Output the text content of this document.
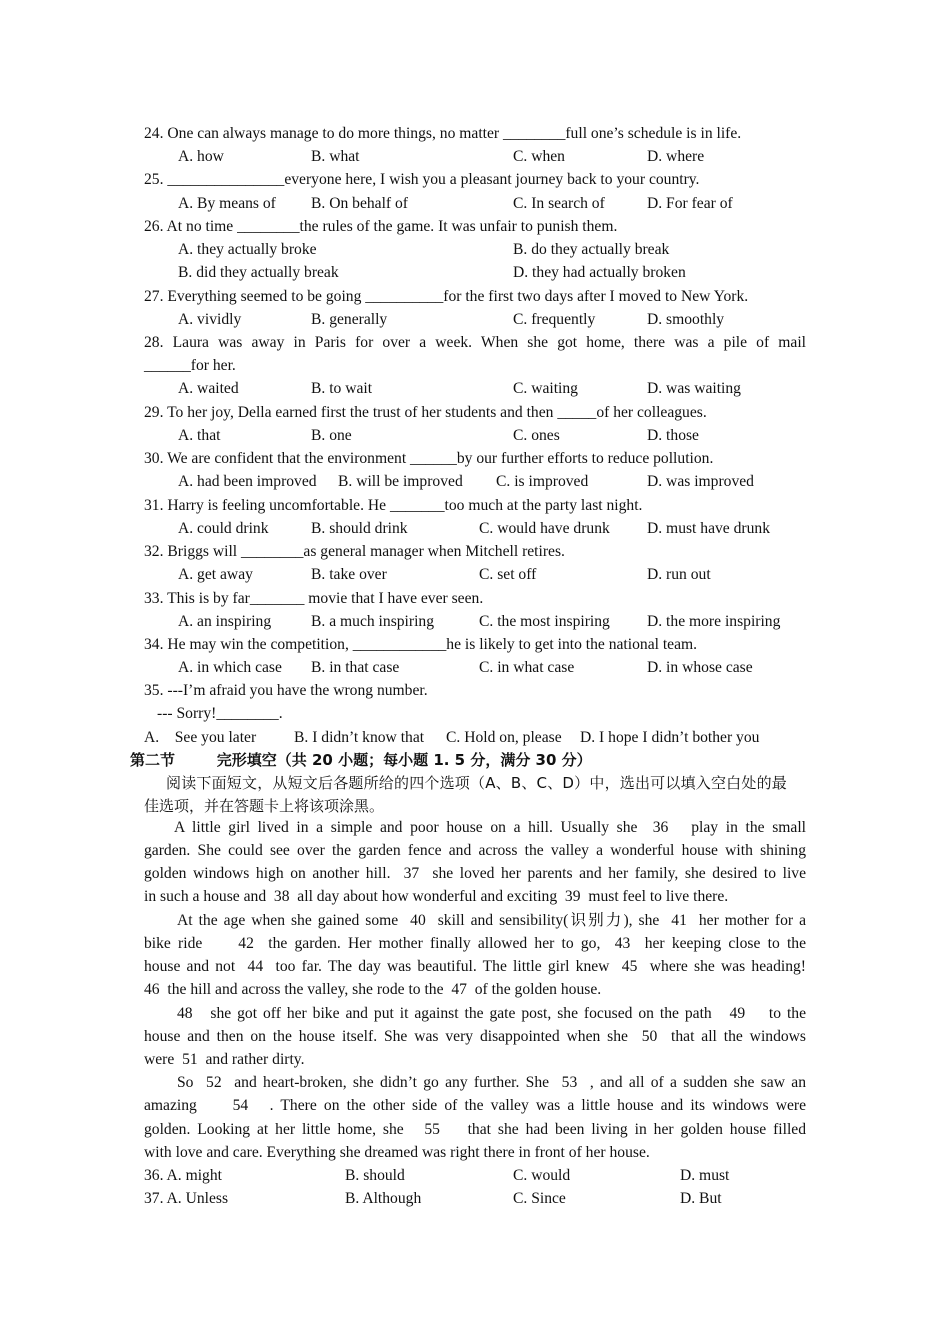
24. One can always manage to do more things, no matter ________full one’s schedule is in life.
A. how	B. what	C. when	D. where
25. _______________everyone here, I wish you a pleasant journey back to your country.
A. By means of B. On behalf of	C. In search of	D. For fear of
26. At no time ________the rules of the game. It was unfair to punish them.
A. they actually broke	B. do they actually break
B. did they actually break	D. they had actually broken
27. Everything seemed to be going __________for the first two days after I moved to New York.
A. vividly	B. generally	C. frequently	D. smoothly
28. Laura was away in Paris for over a week. When she got home, there was a pile of mail
______for her.
A. waited	B. to wait	C. waiting	D. was waiting
29. To her joy, Della earned first the trust of her students and then _____of her colleagues.
A. that	B. one	C. ones	D. those
30. We are confident that the environment ______by our further efforts to reduce pollution.
A. had been improved B. will be improved C. is improved	D. was improved
31. Harry is feeling uncomfortable. He _______too much at the party last night.
A. could drink	B. should drink	C. would have drunk D. must have drunk
32. Briggs will ________as general manager when Mitchell retires.
A. get away	B. take over	C. set off	D. run out
33. This is by far_______ movie that I have ever seen.
A. an inspiring	B. a much inspiring	C. the most inspiring D. the more inspiring
34. He may win the competition, ____________he is likely to get into the national team.
A. in which case B. in that case	C. in what case	D. in whose case
35. ---I’m afraid you have the wrong number.
--- Sorry!________.
A.    See you later B. I didn’t know that C. Hold on, please D. I hope I didn’t bother you
第二节        完形填空（共 20 小题；每小题 1. 5 分，满分 30 分）
阅读下面短文，从短文后各题所给的四个选项（A、B、C、D）中，选出可以填入空白处的最
佳选项，并在答题卡上将该项涂黑。
A little girl lived in a simple and poor house on a hill. Usually she  36   play in the small
garden. She could see over the garden fence and across the valley a wonderful house with shining
golden windows high on another hill.  37  she loved her parents and her family, she desired to live
in such a house and  38  all day about how wonderful and exciting  39  must feel to live there.
At the age when she gained some  40  skill and sensibility(识别力), she  41  her mother for a
bike ride     42  the garden. Her mother finally allowed her to go,  43  her keeping close to the
house and not  44  too far. The day was beautiful. The little girl knew  45  where she was heading!
46  the hill and across the valley, she rode to the  47  of the golden house.
48   she got off her bike and put it against the gate post, she focused on the path   49    to the
house and then on the house itself. She was very disappointed when she  50  that all the windows
were  51  and rather dirty.
So  52  and heart-broken, she didn’t go any further. She  53  , and all of a sudden she saw an
amazing     54   . There on the other side of the valley was a little house and its windows were
golden. Looking at her little home, she   55    that she had been living in her golden house filled
with love and care. Everything she dreamed was right there in front of her house.
36. A. might	B. should	C. would	D. must
37. A. Unless	B. Although	C. Since	D. But
